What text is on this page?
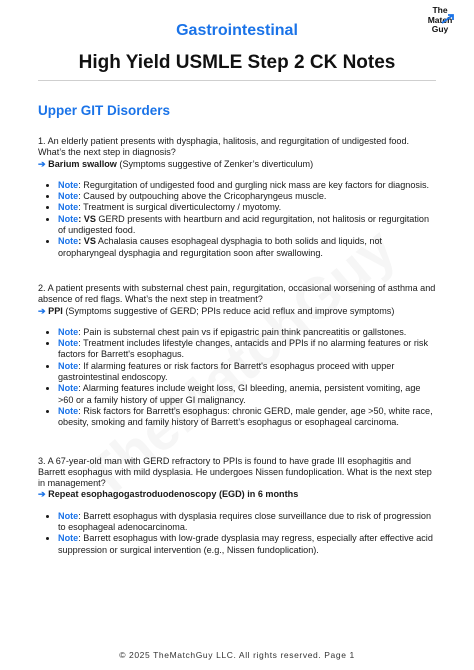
Gastrointestinal
High Yield USMLE Step 2 CK Notes
The
Match
Guy
Upper GIT Disorders

1. An elderly patient presents with dysphagia, halitosis, and regurgitation of undigested food. What’s the next step in diagnosis?

➔ Barium swallow (Symptoms suggestive of Zenker’s diverticulum)

• Note: Regurgitation of undigested food and gurgling nick mass are key factors for diagnosis.
• Note: Caused by outpouching above the Cricopharyngeus muscle.
• Note: Treatment is surgical diverticulectomy / myotomy.
• Note: VS GERD presents with heartburn and acid regurgitation, not halitosis or regurgitation of undigested food.
• Note: VS Achalasia causes esophageal dysphagia to both solids and liquids, not oropharyngeal dysphagia and regurgitation soon after swallowing.

2. A patient presents with substernal chest pain, regurgitation, occasional worsening of asthma and absence of red flags. What’s the next step in treatment?

➔ PPI (Symptoms suggestive of GERD; PPIs reduce acid reflux and improve symptoms)

• Note: Pain is substernal chest pain vs if epigastric pain think pancreatitis or gallstones.
• Note: Treatment includes lifestyle changes, antacids and PPIs if no alarming features or risk factors for Barrett's esophagus.
• Note: If alarming features or risk factors for Barrett's esophagus proceed with upper gastrointestinal endoscopy.
• Note: Alarming features include weight loss, GI bleeding, anemia, persistent vomiting, age >60 or a family history of upper GI malignancy.
• Note: Risk factors for Barrett’s esophagus: chronic GERD, male gender, age >50, white race, obesity, smoking and family history of Barrett’s esophagus or esophageal carcinoma.

3. A 67-year-old man with GERD refractory to PPIs is found to have grade III esophagitis and Barrett esophagus with mild dysplasia. He undergoes Nissen fundoplication. What is the next step in management?

➔ Repeat esophagogastroduodenoscopy (EGD) in 6 months

• Note: Barrett esophagus with dysplasia requires close surveillance due to risk of progression to esophageal adenocarcinoma.
• Note: Barrett esophagus with low-grade dysplasia may regress, especially after effective acid suppression or surgical intervention (e.g., Nissen fundoplication).
© 2025 TheMatchGuy LLC. All rights reserved. Page 1
